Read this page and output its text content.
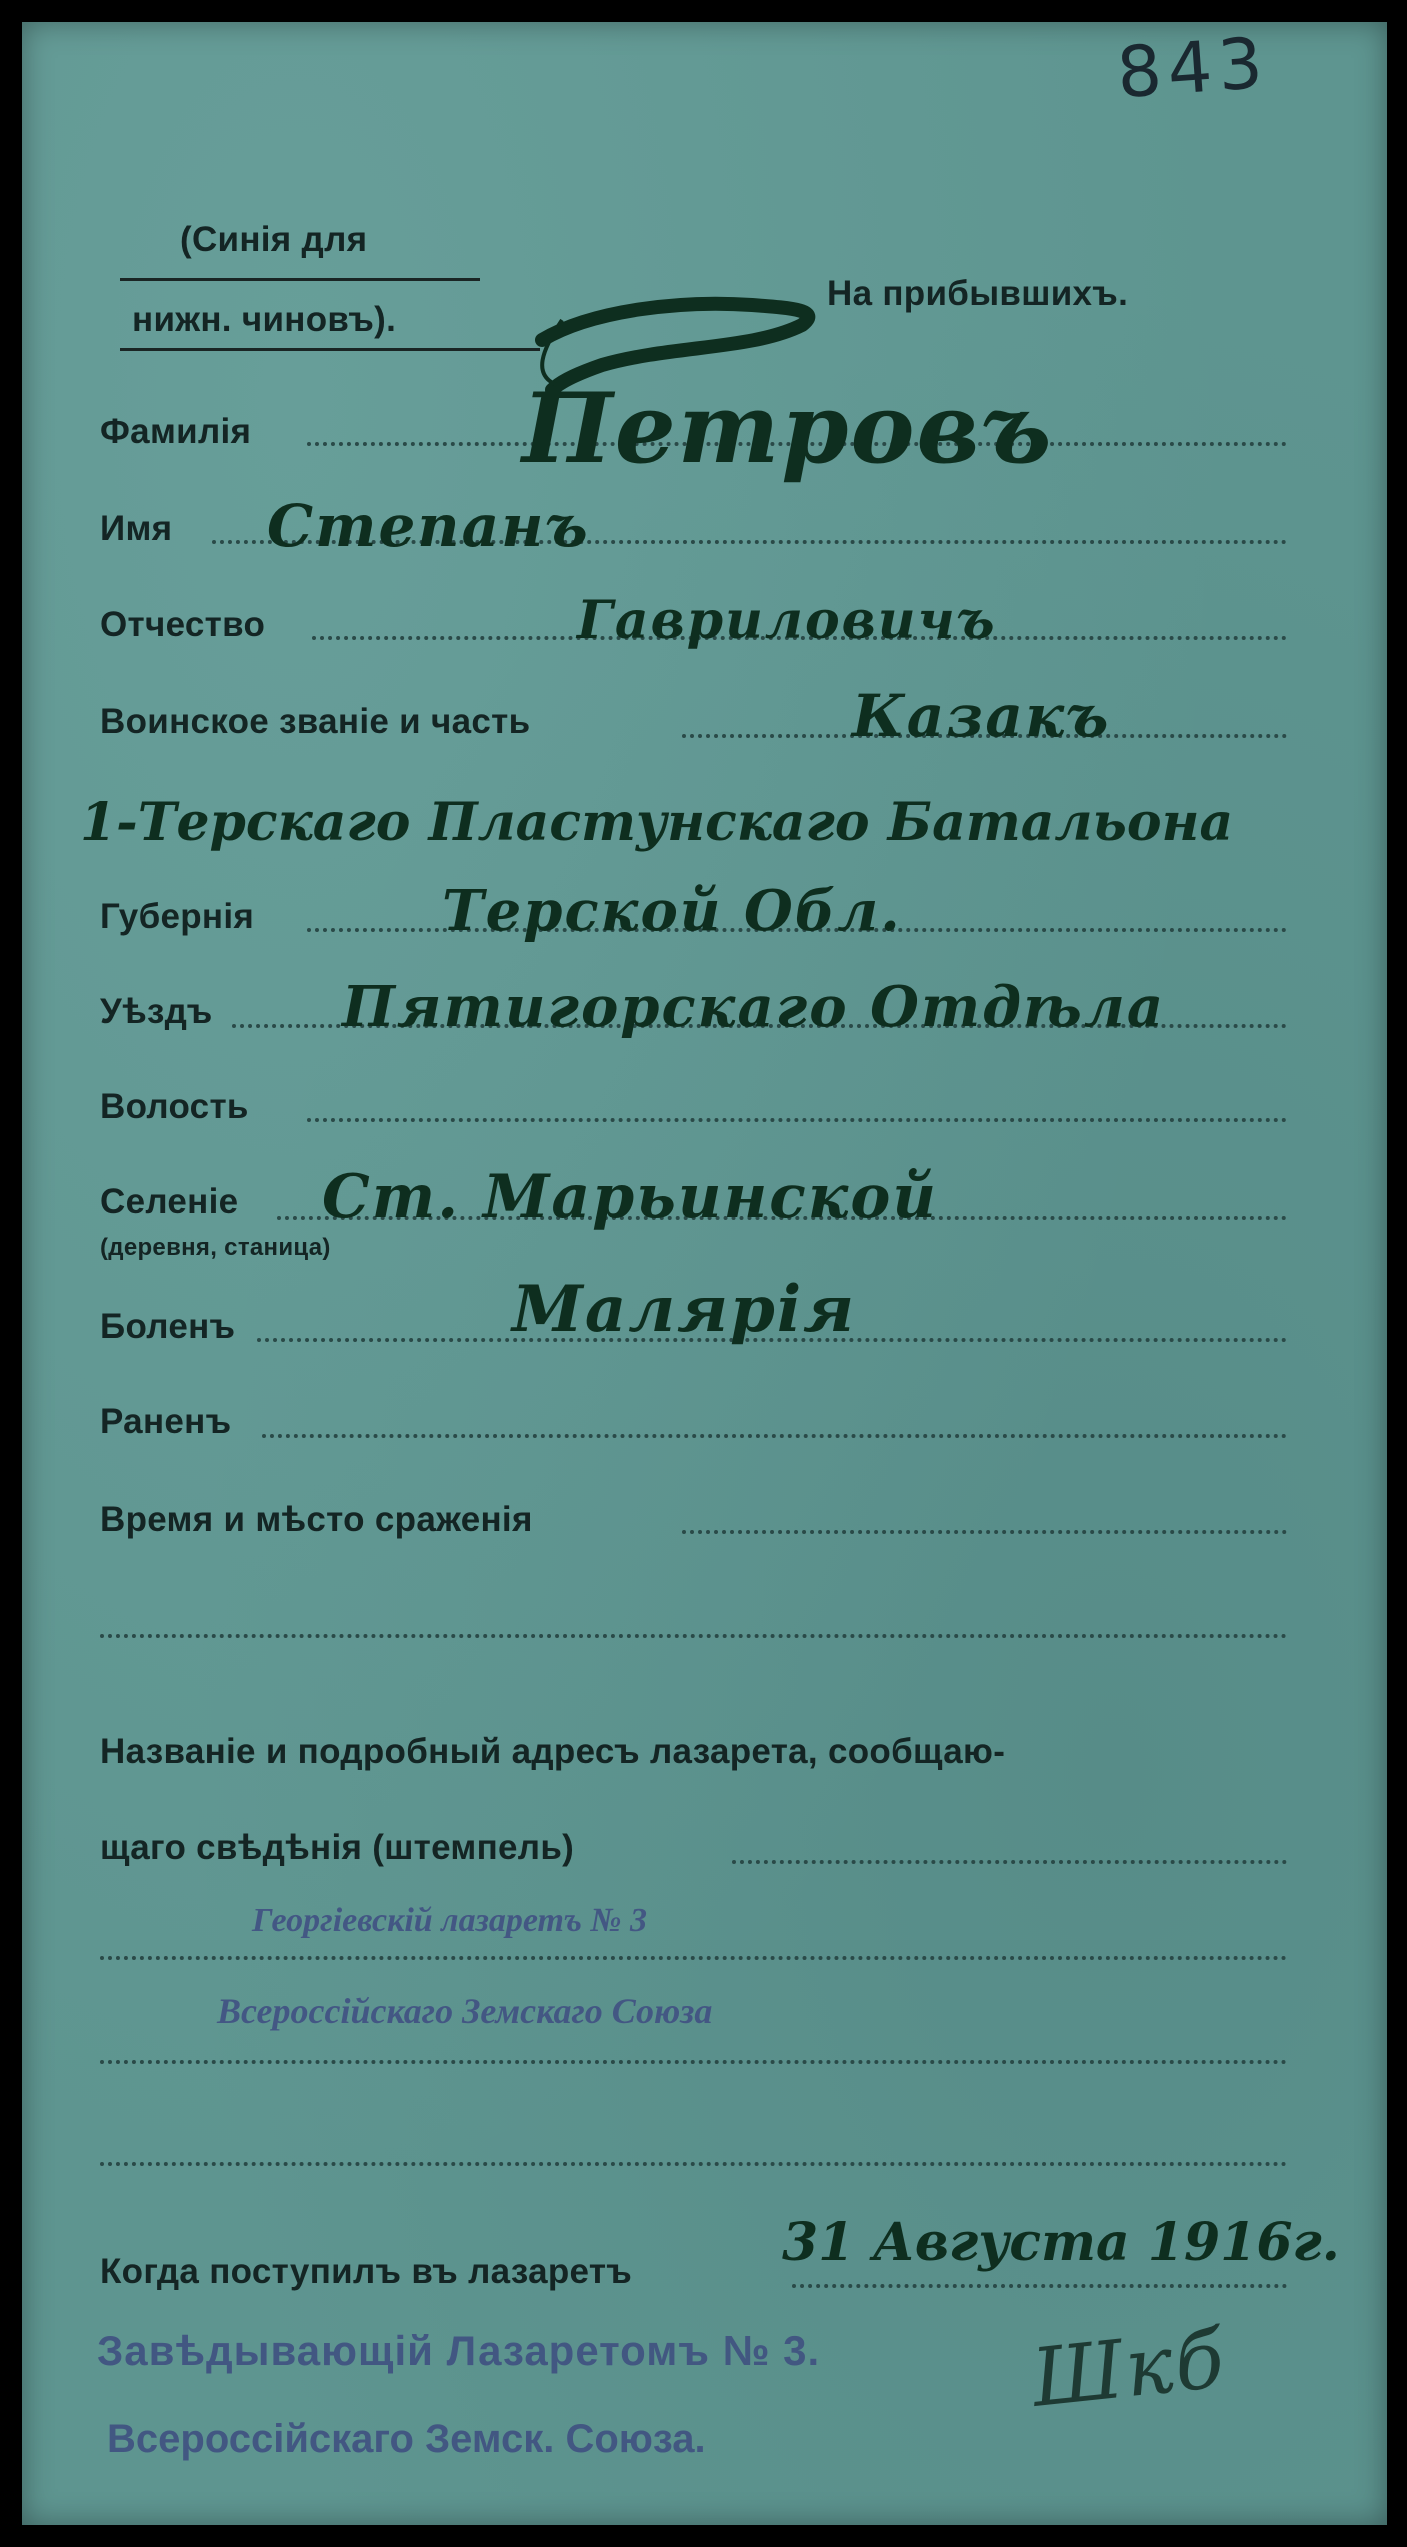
843
(Синія для
нижн. чиновъ).
На прибывшихъ.
Фамилія	Петровъ
Имя Степанъ
Отчество	Гавриловичъ
Воинское званіе и часть	Казакъ
1-Терскаго Пластунскаго Батальона
Губернія	Терской Обл.
Уѣздъ Пятигорскаго Отдѣла
Волость
Селеніе
(деревня, станица)
Ст. Марьинской
Боленъ	Малярія
Раненъ
Время и мѣсто сраженія
Названіе и подробный адресъ лазарета, сообщаю-
щаго свѣдѣнія (штемпель)
Георгіевскій лазаретъ № 3
Всероссійскаго Земскаго Союза
Когда поступилъ въ лазаретъ	31 Августа 1916г.
Завѣдывающій Лазаретомъ № 3.
Всероссійскаго Земск. Союза.
Шкб
